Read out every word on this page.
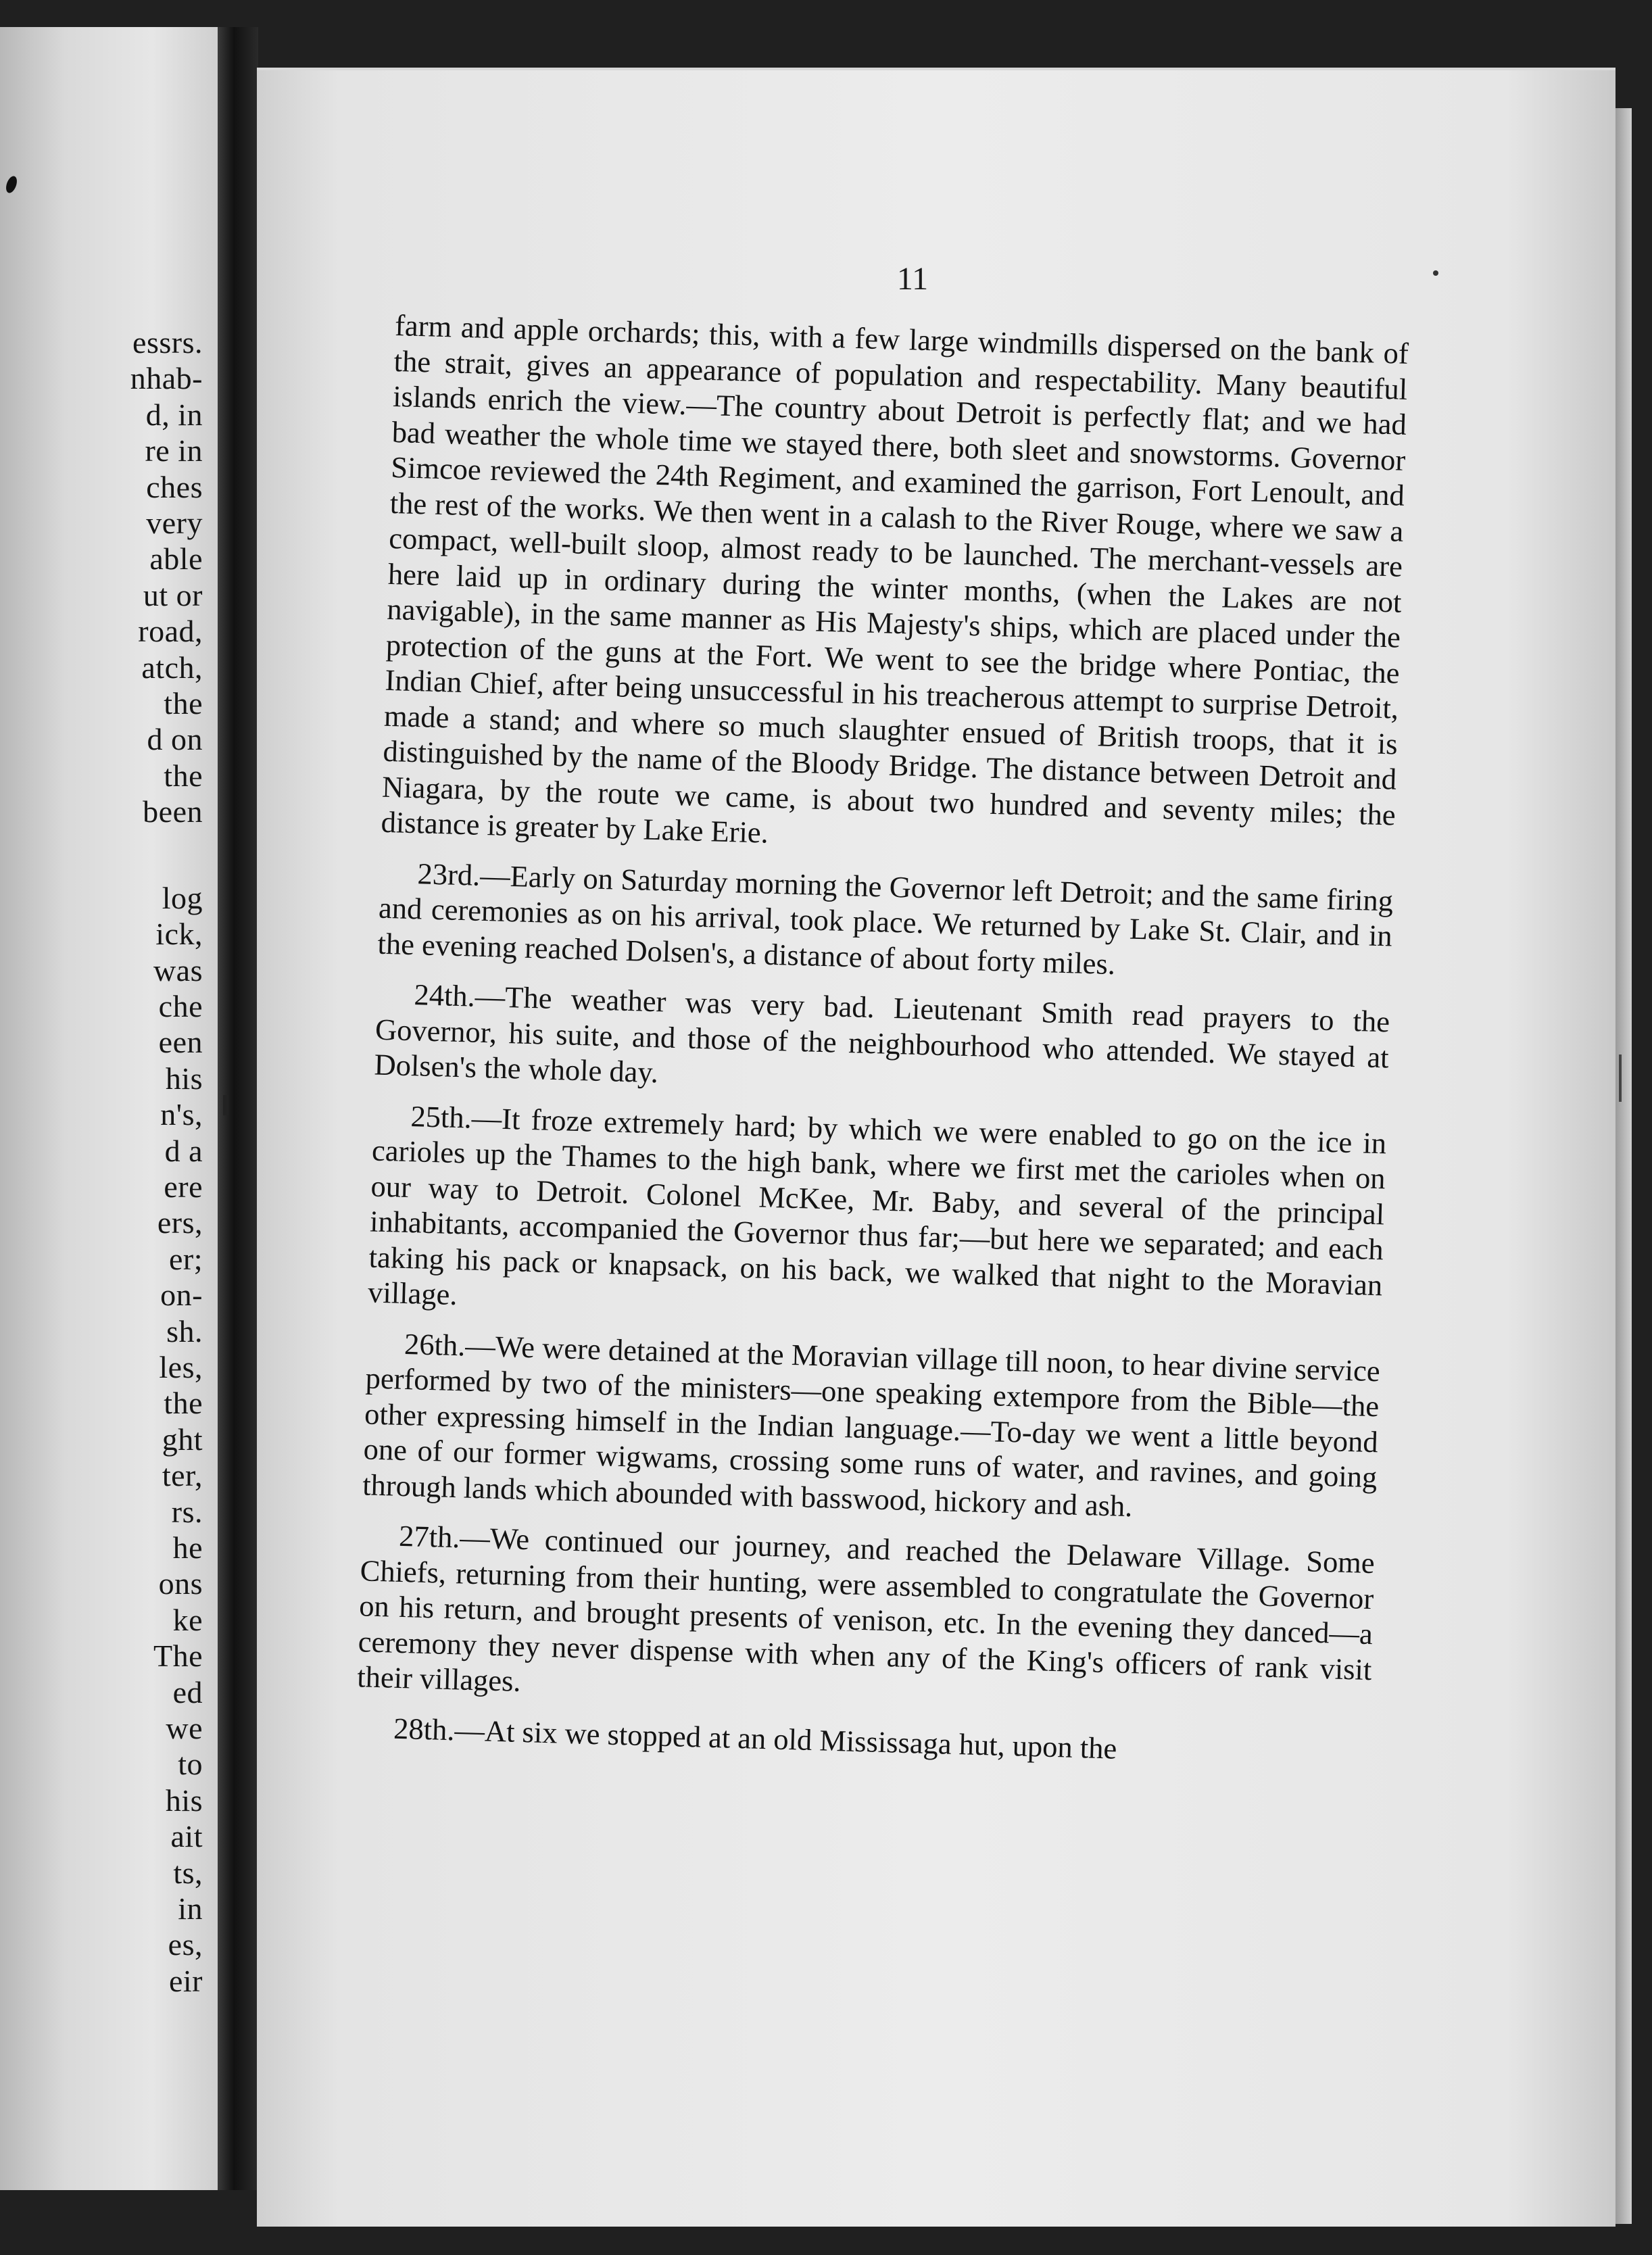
essrs.
nhab-
d, in
re in
ches
very
able
ut or
road,
atch,
the
d on
the
been
log
ick,
was
che
een
his
n's,
d a
ere
ers,
er;
on-
sh.
les,
the
ght
ter,
rs.
he
ons
ke
The
ed
we
to
his
ait
ts,
in
es,
eir
11

farm and apple orchards; this, with a few large windmills dispersed on the bank of the strait, gives an appearance of population and respectability. Many beautiful islands enrich the view.—The country about Detroit is perfectly flat; and we had bad weather the whole time we stayed there, both sleet and snowstorms. Governor Simcoe reviewed the 24th Regiment, and examined the garrison, Fort Lenoult, and the rest of the works. We then went in a calash to the River Rouge, where we saw a compact, well-built sloop, almost ready to be launched. The merchant-vessels are here laid up in ordinary during the winter months, (when the Lakes are not navigable), in the same manner as His Majesty's ships, which are placed under the protection of the guns at the Fort. We went to see the bridge where Pontiac, the Indian Chief, after being unsuccessful in his treacherous attempt to surprise Detroit, made a stand; and where so much slaughter ensued of British troops, that it is distinguished by the name of the Bloody Bridge. The distance between Detroit and Niagara, by the route we came, is about two hundred and seventy miles; the distance is greater by Lake Erie.

23rd.—Early on Saturday morning the Governor left Detroit; and the same firing and ceremonies as on his arrival, took place. We returned by Lake St. Clair, and in the evening reached Dolsen's, a distance of about forty miles.

24th.—The weather was very bad. Lieutenant Smith read prayers to the Governor, his suite, and those of the neighbourhood who attended. We stayed at Dolsen's the whole day.

25th.—It froze extremely hard; by which we were enabled to go on the ice in carioles up the Thames to the high bank, where we first met the carioles when on our way to Detroit. Colonel McKee, Mr. Baby, and several of the principal inhabitants, accompanied the Governor thus far;—but here we separated; and each taking his pack or knapsack, on his back, we walked that night to the Moravian village.

26th.—We were detained at the Moravian village till noon, to hear divine service performed by two of the ministers—one speaking extempore from the Bible—the other expressing himself in the Indian language.—To-day we went a little beyond one of our former wigwams, crossing some runs of water, and ravines, and going through lands which abounded with basswood, hickory and ash.

27th.—We continued our journey, and reached the Delaware Village. Some Chiefs, returning from their hunting, were assembled to congratulate the Governor on his return, and brought presents of venison, etc. In the evening they danced—a ceremony they never dispense with when any of the King's officers of rank visit their villages.

28th.—At six we stopped at an old Mississaga hut, upon the
